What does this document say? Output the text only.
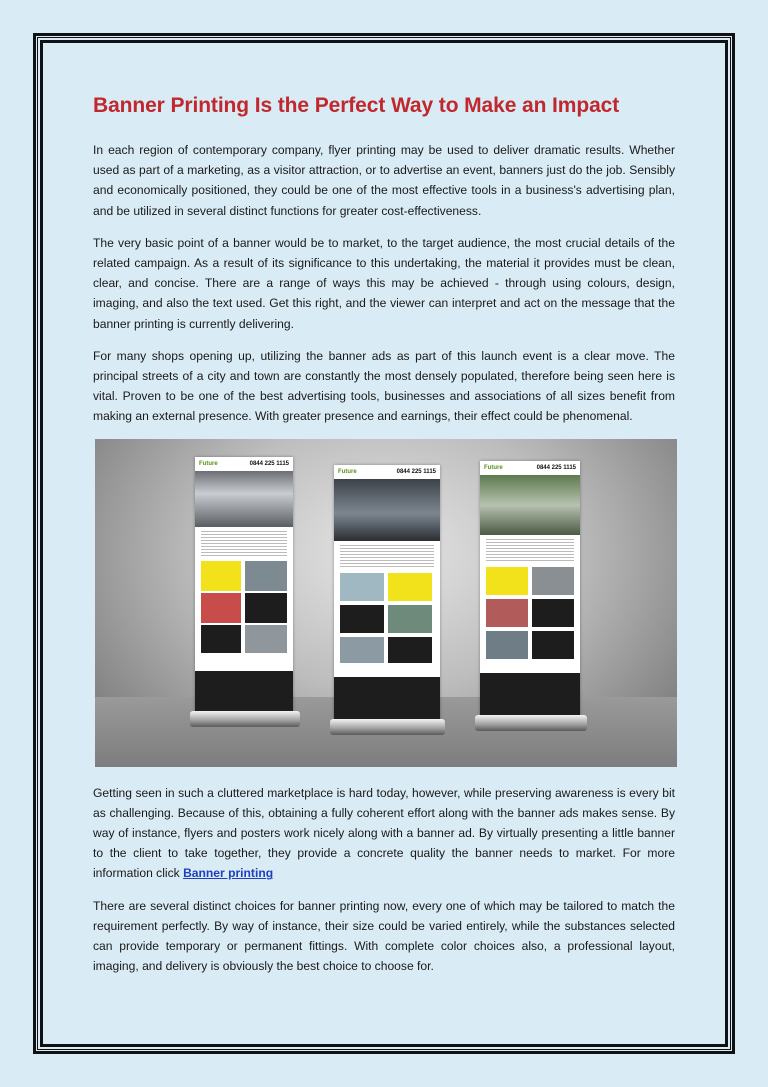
Banner Printing Is the Perfect Way to Make an Impact

In each region of contemporary company, flyer printing may be used to deliver dramatic results. Whether used as part of a marketing, as a visitor attraction, or to advertise an event, banners just do the job. Sensibly and economically positioned, they could be one of the most effective tools in a business's advertising plan, and be utilized in several distinct functions for greater cost-effectiveness.

The very basic point of a banner would be to market, to the target audience, the most crucial details of the related campaign. As a result of its significance to this undertaking, the material it provides must be clean, clear, and concise. There are a range of ways this may be achieved - through using colours, design, imaging, and also the text used. Get this right, and the viewer can interpret and act on the message that the banner printing is currently delivering.

For many shops opening up, utilizing the banner ads as part of this launch event is a clear move. The principal streets of a city and town are constantly the most densely populated, therefore being seen here is vital. Proven to be one of the best advertising tools, businesses and associations of all sizes benefit from making an external presence. With greater presence and earnings, their effect could be phenomenal.

Future	0844 225 1115
Future	0844 225 1115
Future	0844 225 1115

Getting seen in such a cluttered marketplace is hard today, however, while preserving awareness is every bit as challenging. Because of this, obtaining a fully coherent effort along with the banner ads makes sense. By way of instance, flyers and posters work nicely along with a banner ad. By virtually presenting a little banner to the client to take together, they provide a concrete quality the banner needs to market. For more information click Banner printing

There are several distinct choices for banner printing now, every one of which may be tailored to match the requirement perfectly. By way of instance, their size could be varied entirely, while the substances selected can provide temporary or permanent fittings. With complete color choices also, a professional layout, imaging, and delivery is obviously the best choice to choose for.
